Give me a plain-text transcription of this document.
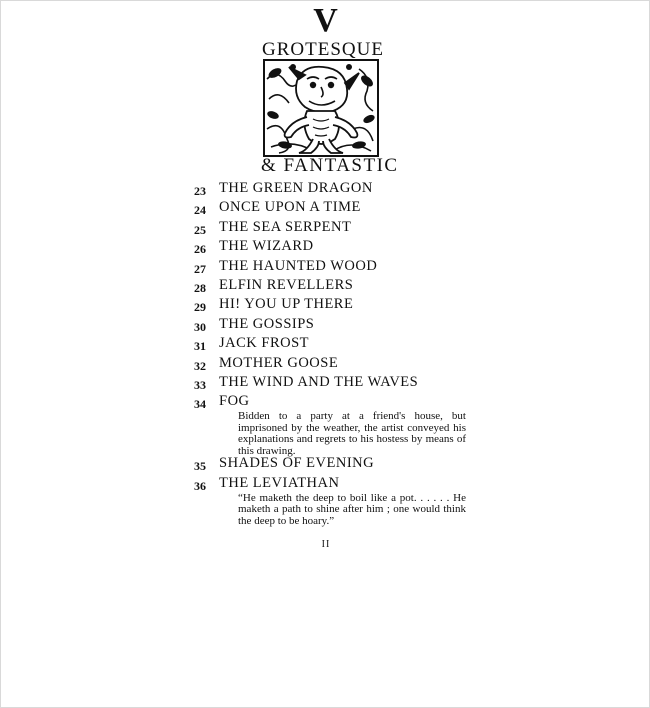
V
GROTESQUE
& FANTASTIC
23 THE GREEN DRAGON
24 ONCE UPON A TIME
25 THE SEA SERPENT
26 THE WIZARD
27 THE HAUNTED WOOD
28 ELFIN REVELLERS
29 HI! YOU UP THERE
30 THE GOSSIPS
31 JACK FROST
32 MOTHER GOOSE
33 THE WIND AND THE WAVES
34 FOG
Bidden to a party at a friend's house, but imprisoned by the weather, the artist conveyed his explanations and regrets to his hostess by means of this drawing.
35 SHADES OF EVENING
36 THE LEVIATHAN
“He maketh the deep to boil like a pot. . . . . . He maketh a path to shine after him ; one would think the deep to be hoary.”
II
